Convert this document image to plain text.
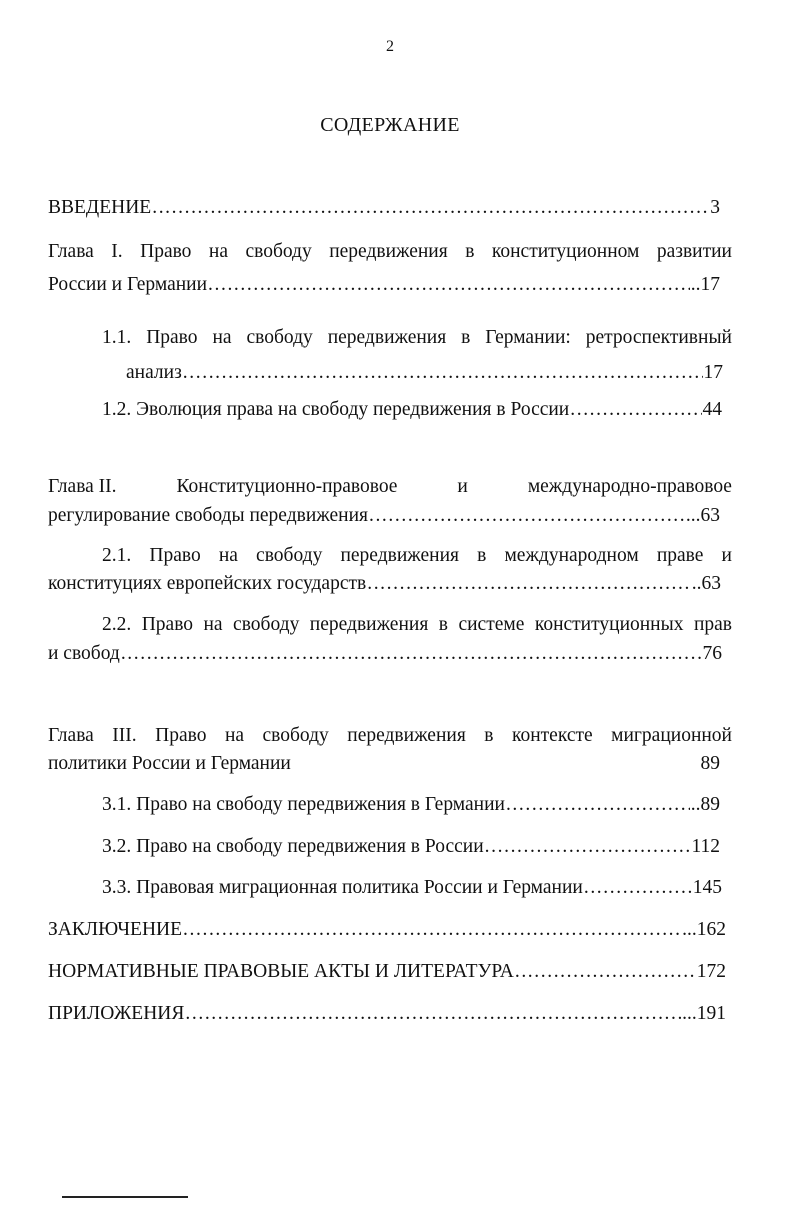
2
СОДЕРЖАНИЕ
ВВЕДЕНИЕ .....	3
Глава I. Право на свободу передвижения в конституционном развитии
России и Германии .....	..17
1.1. Право на свободу передвижения в Германии: ретроспективный
анализ .....	17
1.2. Эволюция права на свободу передвижения в России .....	44
Глава II.	Конституционно-правовое	и	международно-правовое
регулирование свободы передвижения .....	...63
2.1. Право на свободу передвижения в международном праве и
конституциях европейских государств .....	..63
2.2. Право на свободу передвижения в системе конституционных прав
и свобод .....	76
Глава III. Право на свободу передвижения в контексте миграционной
политики России и Германии	89
3.1. Право на свободу передвижения в Германии .....	..89
3.2. Право на свободу передвижения в России .....	112
3.3. Правовая миграционная политика России и Германии .....	145
ЗАКЛЮЧЕНИЕ .....	...162
НОРМАТИВНЫЕ ПРАВОВЫЕ АКТЫ И ЛИТЕРАТУРА .....	172
ПРИЛОЖЕНИЯ .....	...191
